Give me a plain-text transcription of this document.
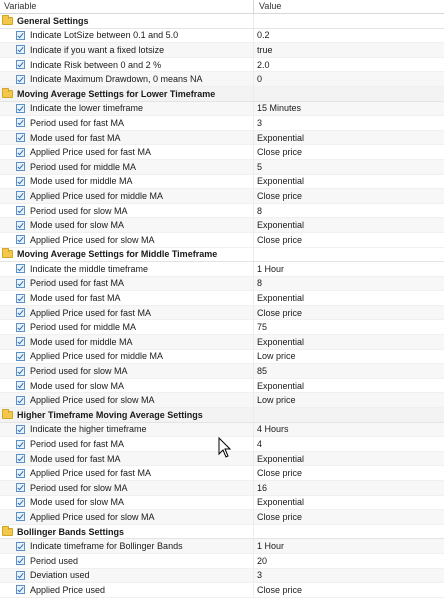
Variable	Value
General Settings
Indicate LotSize between 0.1 and 5.0	0.2
Indicate if you want a fixed lotsize	true
Indicate Risk between 0 and 2 %	2.0
Indicate Maximum Drawdown, 0 means NA	0
Moving Average Settings for Lower Timeframe
Indicate the lower timeframe	15 Minutes
Period used for fast MA	3
Mode used for fast MA	Exponential
Applied Price used for fast MA	Close price
Period used for middle MA	5
Mode used for middle MA	Exponential
Applied Price used for middle MA	Close price
Period used for slow MA	8
Mode used for slow MA	Exponential
Applied Price used for slow MA	Close price
Moving Average Settings for Middle Timeframe
Indicate the middle timeframe	1 Hour
Period used for fast MA	8
Mode used for fast MA	Exponential
Applied Price used for fast MA	Close price
Period used for middle MA	75
Mode used for middle MA	Exponential
Applied Price used for middle MA	Low price
Period used for slow MA	85
Mode used for slow MA	Exponential
Applied Price used for slow MA	Low price
Higher Timeframe Moving Average Settings
Indicate the higher timeframe	4 Hours
Period used for fast MA	4
Mode used for fast MA	Exponential
Applied Price used for fast MA	Close price
Period used for slow MA	16
Mode used for slow MA	Exponential
Applied Price used for slow MA	Close price
Bollinger Bands Settings
Indicate timeframe for Bollinger Bands	1 Hour
Period used	20
Deviation used	3
Applied Price used	Close price
